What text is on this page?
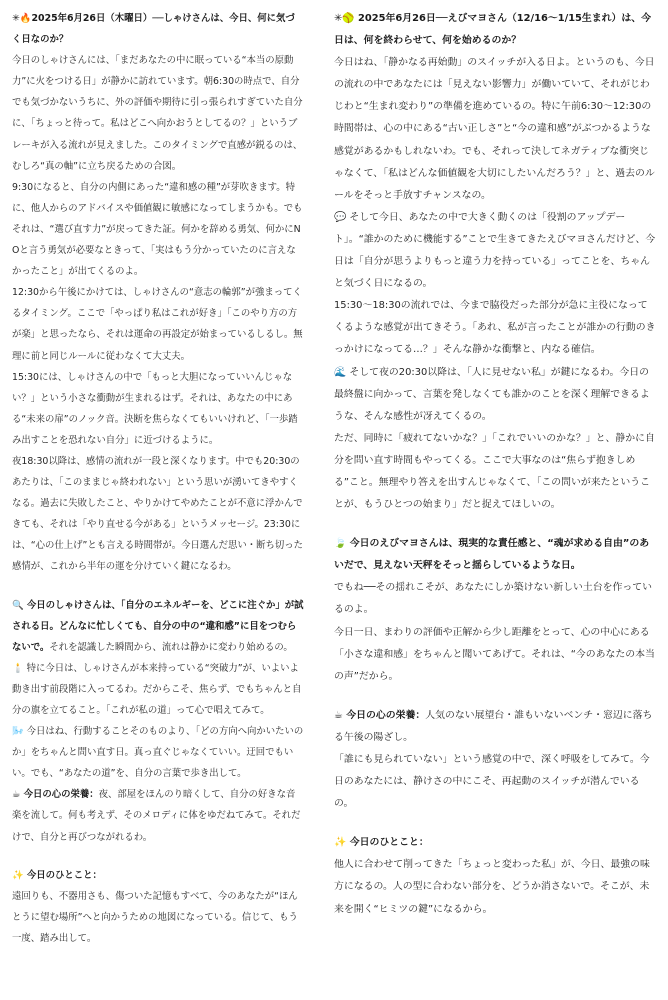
✳︎🔥2025年6月26日（木曜日）──しゃけさんは、今日、何に気づく日なのか？

今日のしゃけさんには、「まだあなたの中に眠っている“本当の原動力”に火をつける日」が静かに訪れています。朝6:30の時点で、自分でも気づかないうちに、外の評価や期待に引っ張られすぎていた自分に、「ちょっと待って。私はどこへ向かおうとしてるの？」というブレーキが入る流れが見えました。このタイミングで直感が鋭るのは、むしろ“真の軸”に立ち戻るための合図。

9:30になると、自分の内側にあった“違和感の種”が芽吹きます。特に、他人からのアドバイスや価値観に敏感になってしまうかも。でもそれは、“選び直す力”が戻ってきた証。何かを辞める勇気、何かにNOと言う勇気が必要なときって、「実はもう分かっていたのに言えなかったこと」が出てくるのよ。

12:30から午後にかけては、しゃけさんの“意志の輪郭”が強まってくるタイミング。ここで「やっぱり私はこれが好き」「このやり方の方が楽」と思ったなら、それは運命の再設定が始まっているしるし。無理に前と同じルールに従わなくて大丈夫。

15:30には、しゃけさんの中で「もっと大胆になっていいんじゃない？」という小さな衝動が生まれるはず。それは、あなたの中にある“未来の扉”のノック音。決断を焦らなくてもいいけれど、「一歩踏み出すことを恐れない自分」に近づけるように。

夜18:30以降は、感情の流れが一段と深くなります。中でも20:30のあたりは、「このままじゃ終われない」という思いが湧いてきやすくなる。過去に失敗したこと、やりかけてやめたことが不意に浮かんできても、それは「やり直せる今がある」というメッセージ。23:30には、“心の仕上げ”とも言える時間帯が。今日選んだ思い・断ち切った感情が、これから半年の運を分けていく鍵になるわ。

🔍 今日のしゃけさんは、「自分のエネルギーを、どこに注ぐか」が試される日。どんなに忙しくても、自分の中の“違和感”に目をつむらないで。それを認識した瞬間から、流れは静かに変わり始めるの。

🕯️ 特に今日は、しゃけさんが本来持っている“突破力”が、いよいよ動き出す前段階に入ってるわ。だからこそ、焦らず、でもちゃんと自分の旗を立てること。「これが私の道」って心で唱えてみて。

🌬️ 今日はね、行動することそのものより、「どの方向へ向かいたいのか」をちゃんと問い直す日。真っ直ぐじゃなくていい。迂回でもいい。でも、“あなたの道”を、自分の言葉で歩き出して。

☕ 今日の心の栄養：夜、部屋をほんのり暗くして、自分の好きな音楽を流して。何も考えず、そのメロディに体をゆだねてみて。それだけで、自分と再びつながれるわ。

✨ 今日のひとこと：

遠回りも、不器用さも、傷ついた記憶もすべて、今のあなたが“ほんとうに望む場所”へと向かうための地図になっている。信じて、もう一度、踏み出して。

✳︎🥎 2025年6月26日──えびマヨさん（12/16〜1/15生まれ）は、今日は、何を終わらせて、何を始めるのか？

今日はね、「静かなる再始動」のスイッチが入る日よ。というのも、今日の流れの中であなたには「見えない影響力」が働いていて、それがじわじわと“生まれ変わり”の準備を進めているの。特に午前6:30〜12:30の時間帯は、心の中にある“古い正しさ”と“今の違和感”がぶつかるような感覚があるかもしれないわ。でも、それって決してネガティブな衝突じゃなくて、「私はどんな価値観を大切にしたいんだろう？」と、過去のルールをそっと手放すチャンスなの。

💬 そして今日、あなたの中で大きく動くのは「役割のアップデート」。“誰かのために機能する”ことで生きてきたえびマヨさんだけど、今日は「自分が思うよりもっと違う力を持っている」ってことを、ちゃんと気づく日になるの。

15:30〜18:30の流れでは、今まで脇役だった部分が急に主役になってくるような感覚が出てきそう。「あれ、私が言ったことが誰かの行動のきっかけになってる…？」そんな静かな衝撃と、内なる確信。

🌊 そして夜の20:30以降は、「人に見せない私」が鍵になるわ。今日の最終盤に向かって、言葉を発しなくても誰かのことを深く理解できるような、そんな感性が冴えてくるの。

ただ、同時に「疲れてないかな？」「これでいいのかな？」と、静かに自分を問い直す時間もやってくる。ここで大事なのは“焦らず抱きしめる”こと。無理やり答えを出すんじゃなくて、「この問いが来たということが、もうひとつの始まり」だと捉えてほしいの。

🍃 今日のえびマヨさんは、現実的な責任感と、“魂が求める自由”のあいだで、見えない天秤をそっと揺らしているような日。

でもね──その揺れこそが、あなたにしか築けない新しい土台を作っているのよ。

今日一日、まわりの評価や正解から少し距離をとって、心の中心にある「小さな違和感」をちゃんと聞いてあげて。それは、“今のあなたの本当の声”だから。

☕ 今日の心の栄養：人気のない展望台・誰もいないベンチ・窓辺に落ちる午後の陽ざし。

「誰にも見られていない」という感覚の中で、深く呼吸をしてみて。今日のあなたには、静けさの中にこそ、再起動のスイッチが潜んでいるの。

✨ 今日のひとこと：

他人に合わせて削ってきた「ちょっと変わった私」が、今日、最強の味方になるの。人の型に合わない部分を、どうか消さないで。そこが、未来を開く“ヒミツの鍵”になるから。
